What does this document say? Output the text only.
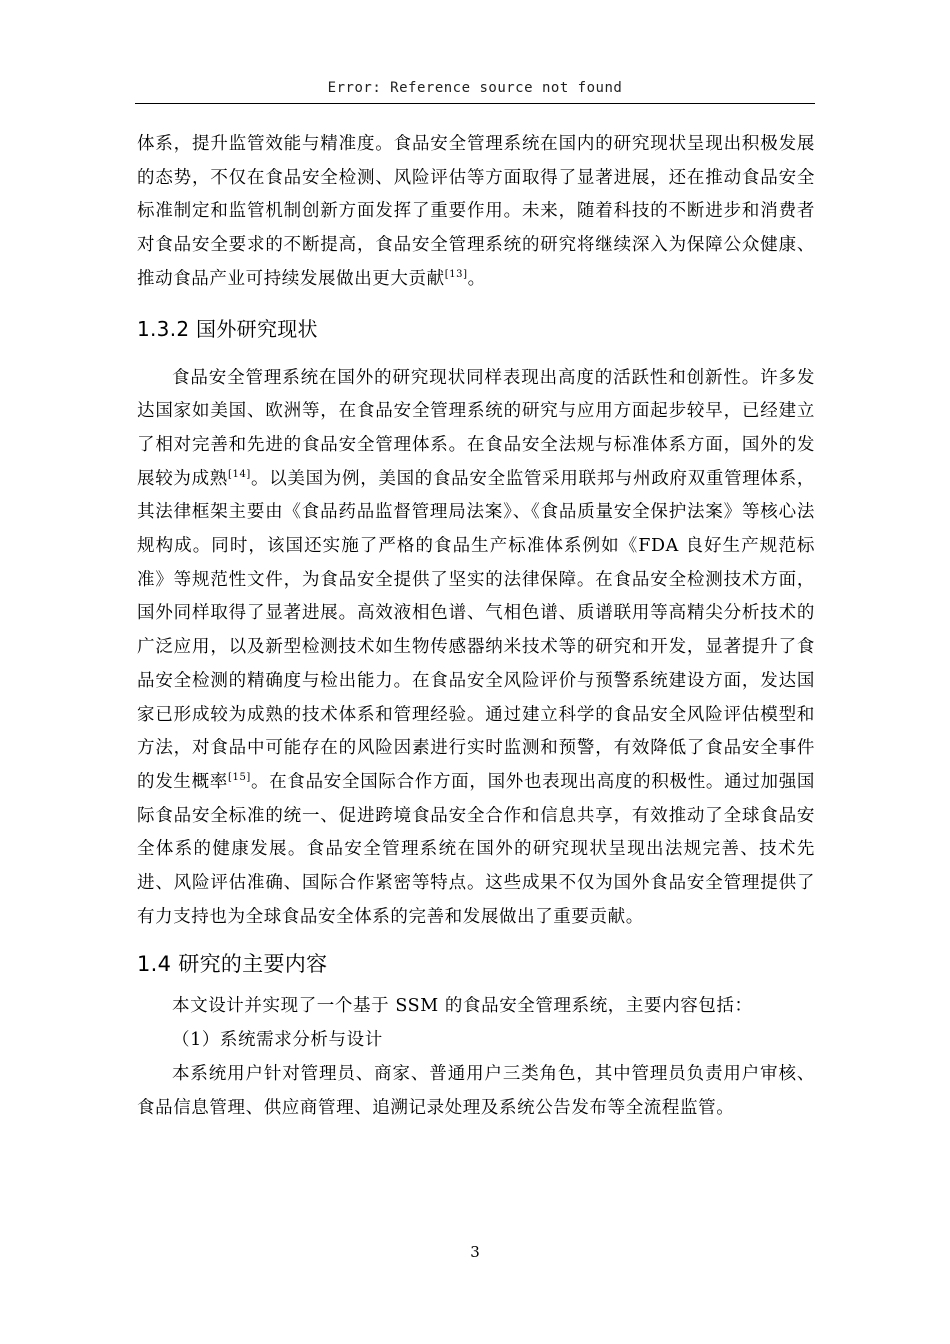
Error: Reference source not found

体系，提升监管效能与精准度。食品安全管理系统在国内的研究现状呈现出积极发展的态势，不仅在食品安全检测、风险评估等方面取得了显著进展，还在推动食品安全标准制定和监管机制创新方面发挥了重要作用。未来，随着科技的不断进步和消费者对食品安全要求的不断提高，食品安全管理系统的研究将继续深入为保障公众健康、推动食品产业可持续发展做出更大贡献[13]。

1.3.2 国外研究现状

食品安全管理系统在国外的研究现状同样表现出高度的活跃性和创新性。许多发达国家如美国、欧洲等，在食品安全管理系统的研究与应用方面起步较早，已经建立了相对完善和先进的食品安全管理体系。在食品安全法规与标准体系方面，国外的发展较为成熟[14]。以美国为例，美国的食品安全监管采用联邦与州政府双重管理体系，其法律框架主要由《食品药品监督管理局法案》、《食品质量安全保护法案》等核心法规构成。同时，该国还实施了严格的食品生产标准体系例如《FDA 良好生产规范标准》等规范性文件，为食品安全提供了坚实的法律保障。在食品安全检测技术方面，国外同样取得了显著进展。高效液相色谱、气相色谱、质谱联用等高精尖分析技术的广泛应用，以及新型检测技术如生物传感器纳米技术等的研究和开发，显著提升了食品安全检测的精确度与检出能力。在食品安全风险评价与预警系统建设方面，发达国家已形成较为成熟的技术体系和管理经验。通过建立科学的食品安全风险评估模型和方法，对食品中可能存在的风险因素进行实时监测和预警，有效降低了食品安全事件的发生概率[15]。在食品安全国际合作方面，国外也表现出高度的积极性。通过加强国际食品安全标准的统一、促进跨境食品安全合作和信息共享，有效推动了全球食品安全体系的健康发展。食品安全管理系统在国外的研究现状呈现出法规完善、技术先进、风险评估准确、国际合作紧密等特点。这些成果不仅为国外食品安全管理提供了有力支持也为全球食品安全体系的完善和发展做出了重要贡献。

1.4 研究的主要内容

本文设计并实现了一个基于 SSM 的食品安全管理系统，主要内容包括：

（1）系统需求分析与设计

本系统用户针对管理员、商家、普通用户三类角色，其中管理员负责用户审核、食品信息管理、供应商管理、追溯记录处理及系统公告发布等全流程监管。

3
